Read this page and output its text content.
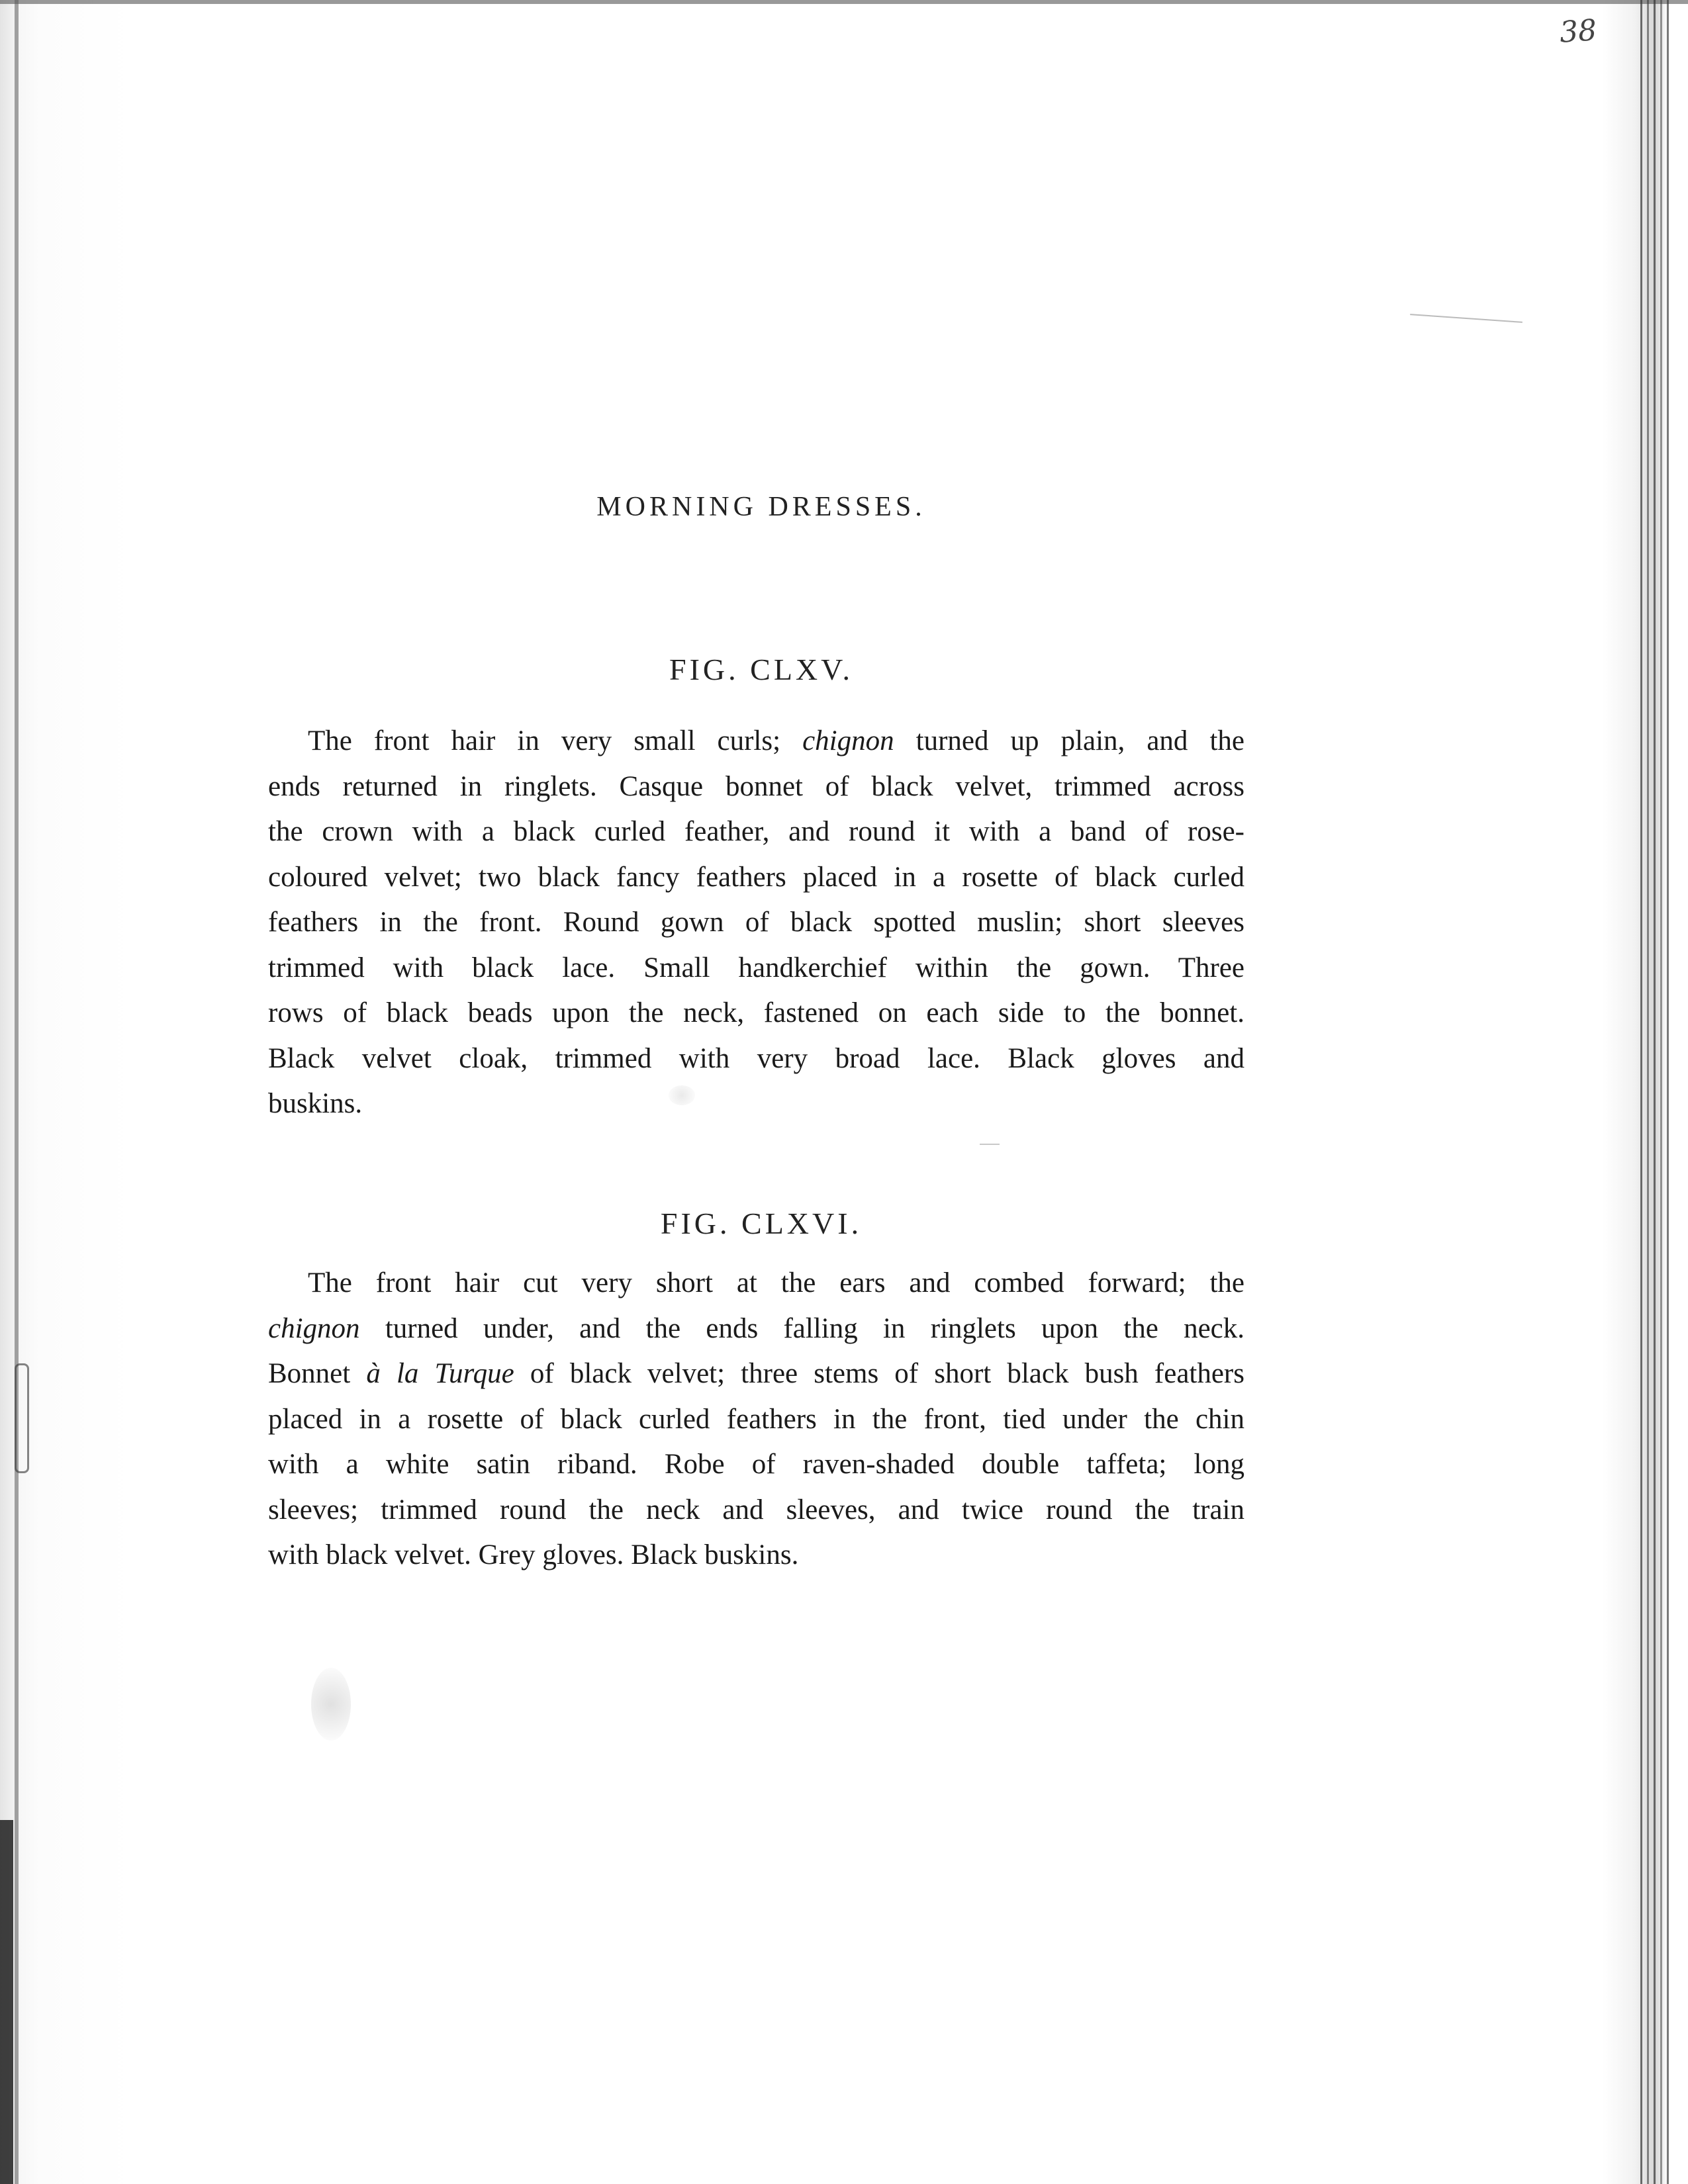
38
MORNING DRESSES.
FIG. CLXV.
The front hair in very small curls; chignon turned up plain, and the
ends returned in ringlets. Casque bonnet of black velvet, trimmed across
the crown with a black curled feather, and round it with a band of rose-
coloured velvet; two black fancy feathers placed in a rosette of black curled
feathers in the front. Round gown of black spotted muslin; short sleeves
trimmed with black lace. Small handkerchief within the gown. Three
rows of black beads upon the neck, fastened on each side to the bonnet.
Black velvet cloak, trimmed with very broad lace. Black gloves and
buskins.
FIG. CLXVI.
The front hair cut very short at the ears and combed forward; the
chignon turned under, and the ends falling in ringlets upon the neck.
Bonnet à la Turque of black velvet; three stems of short black bush feathers
placed in a rosette of black curled feathers in the front, tied under the chin
with a white satin riband. Robe of raven-shaded double taffeta; long
sleeves; trimmed round the neck and sleeves, and twice round the train
with black velvet. Grey gloves. Black buskins.
